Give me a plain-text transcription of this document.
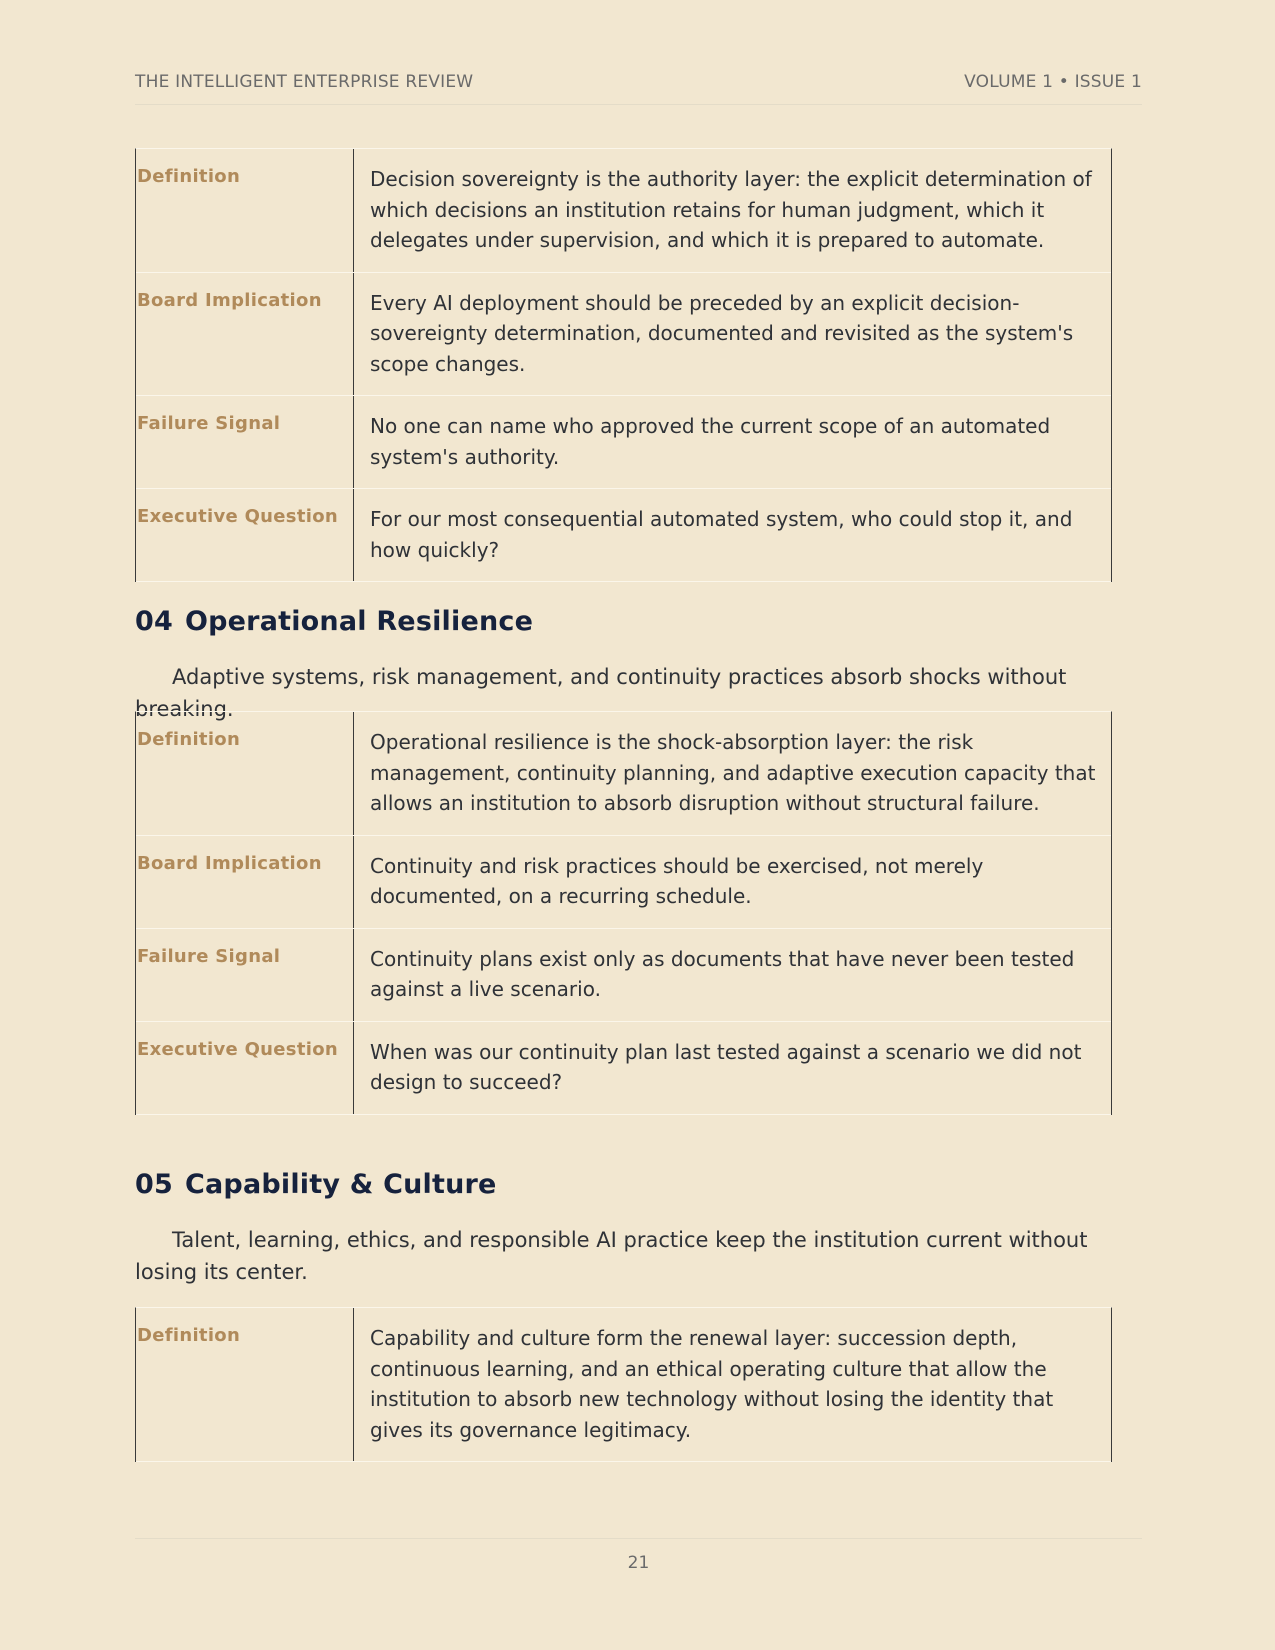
THE INTELLIGENT ENTERPRISE REVIEW	VOLUME 1 • ISSUE 1
Definition	Decision sovereignty is the authority layer: the explicit determination of which decisions an institution retains for human judgment, which it delegates under supervision, and which it is prepared to automate.
Board Implication	Every AI deployment should be preceded by an explicit decision-sovereignty determination, documented and revisited as the system's scope changes.
Failure Signal	No one can name who approved the current scope of an automated system's authority.
Executive Question	For our most consequential automated system, who could stop it, and how quickly?
04 Operational Resilience
Adaptive systems, risk management, and continuity practices absorb shocks without breaking.
Definition	Operational resilience is the shock-absorption layer: the risk management, continuity planning, and adaptive execution capacity that allows an institution to absorb disruption without structural failure.
Board Implication	Continuity and risk practices should be exercised, not merely documented, on a recurring schedule.
Failure Signal	Continuity plans exist only as documents that have never been tested against a live scenario.
Executive Question	When was our continuity plan last tested against a scenario we did not design to succeed?
05 Capability & Culture
Talent, learning, ethics, and responsible AI practice keep the institution current without losing its center.
Definition	Capability and culture form the renewal layer: succession depth, continuous learning, and an ethical operating culture that allow the institution to absorb new technology without losing the identity that gives its governance legitimacy.
21
